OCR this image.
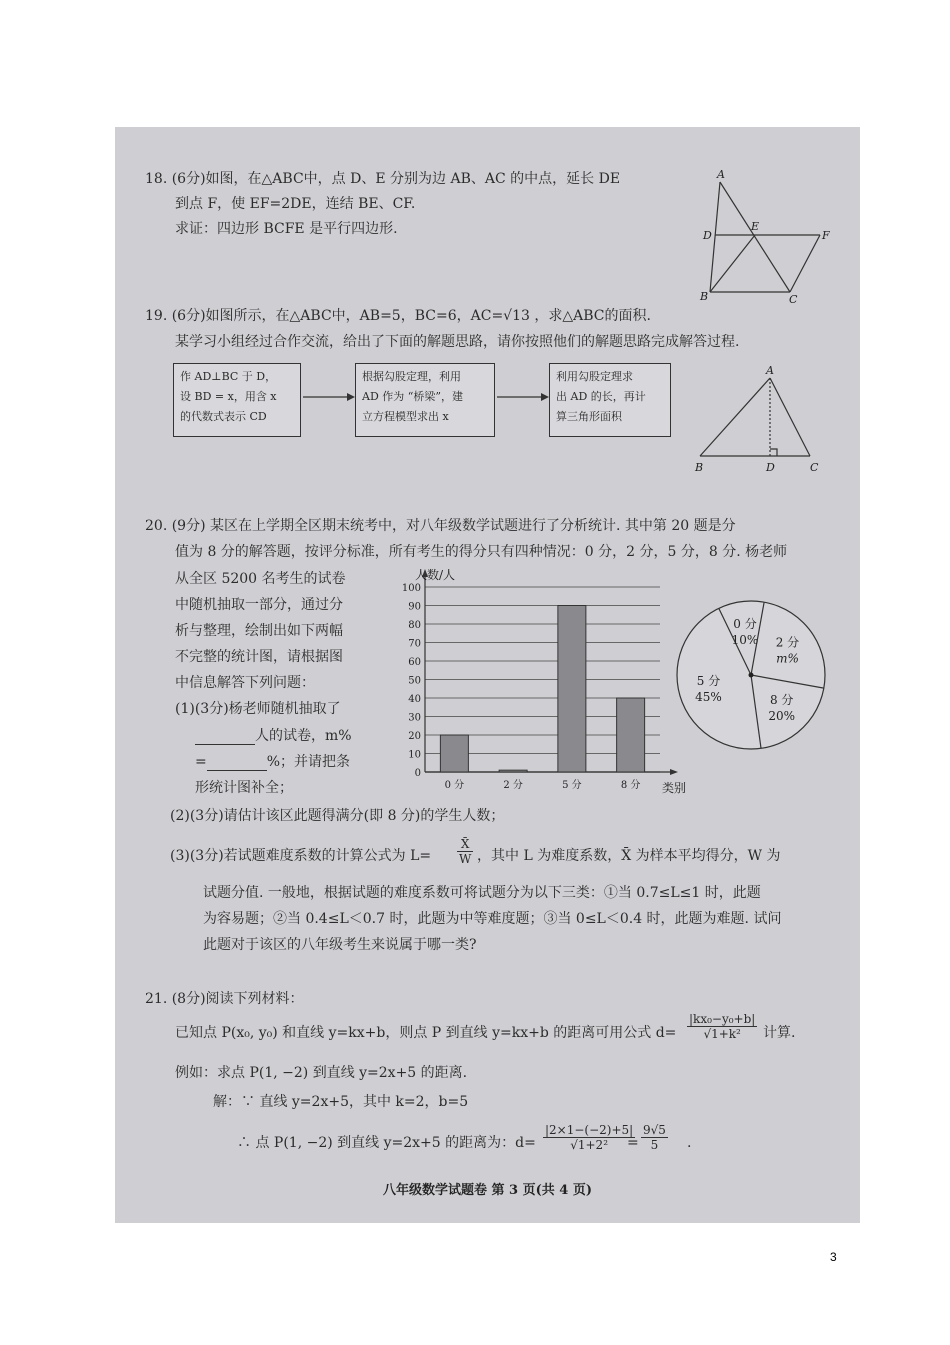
18. (6分)如图，在△ABC中，点 D、E 分别为边 AB、AC 的中点，延长 DE
到点 F，使 EF=2DE，连结 BE、CF.
求证：四边形 BCFE 是平行四边形.
A
D
E
F
B	C
19. (6分)如图所示，在△ABC中，AB=5，BC=6，AC=√13 ，求△ABC的面积.
某学习小组经过合作交流，给出了下面的解题思路，请你按照他们的解题思路完成解答过程.
作 AD⊥BC 于 D，
设 BD = x，用含 x
的代数式表示 CD
根据勾股定理，利用
AD 作为 “桥梁”，建
立方程模型求出 x
利用勾股定理求
出 AD 的长，再计
算三角形面积
A
B	D	C
20. (9分) 某区在上学期全区期末统考中，对八年级数学试题进行了分析统计. 其中第 20 题是分
值为 8 分的解答题，按评分标准，所有考生的得分只有四种情况：0 分，2 分，5 分，8 分. 杨老师
从全区 5200 名考生的试卷
中随机抽取一部分，通过分
析与整理，绘制出如下两幅
不完整的统计图，请根据图
中信息解答下列问题：
(1)(3分)杨老师随机抽取了
人的试卷，m%
=	%；并请把条
形统计图补全；
0
10
20
30
40
50
60
70
80
90
100
人数/人
类别
0 分	2 分	5 分	8 分
0 分
10% 2 分
m%
8 分
20%
5 分
45%
(2)(3分)请估计该区此题得满分(即 8 分)的学生人数；
(3)(3分)若试题难度系数的计算公式为 $L= \frac{X̄}{W}$ ，其中 L 为难度系数，X̄ 为样本平均得分，W 为
试题分值. 一般地，根据试题的难度系数可将试题分为以下三类：①当 0.7≤L≤1 时，此题
为容易题；②当 0.4≤L＜0.7 时，此题为中等难度题；③当 0≤L＜0.4 时，此题为难题. 试问
此题对于该区的八年级考生来说属于哪一类?
21. (8分)阅读下列材料：
已知点 P(x₀, y₀) 和直线 y=kx+b，则点 P 到直线 y=kx+b 的距离可用公式 $d= \frac{\text{|kx₀−y₀+b|}}{\text{√1+k²}}$ 计算.
例如：求点 P(1, −2) 到直线 y=2x+5 的距离.
解：∵ 直线 y=2x+5，其中 k=2，b=5
∴ 点 P(1, −2) 到直线 y=2x+5 的距离为：$d= \frac{|2\times 1-(-2)+5|}{\text{√1+2²}}$
= $\frac{9√5}{5}$ .
八年级数学试题卷 第 3 页(共 4 页)
3
